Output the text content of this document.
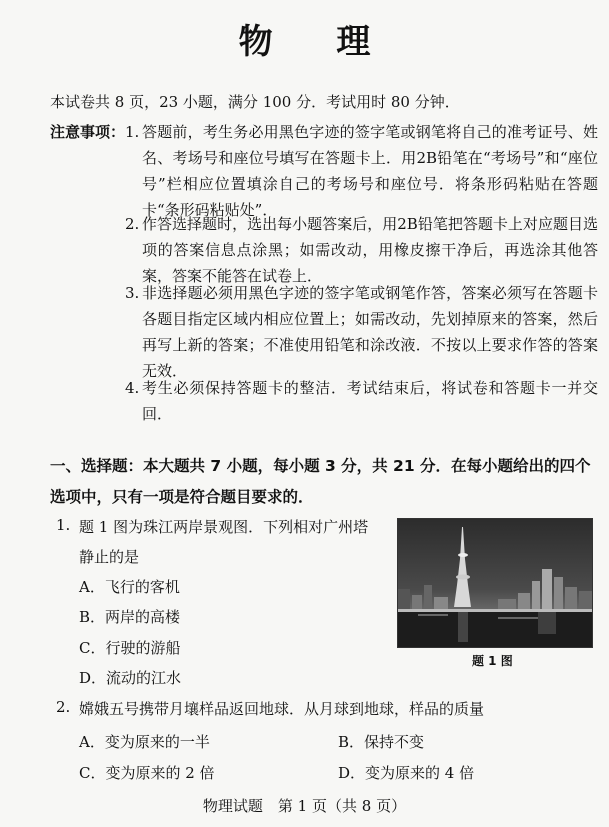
物 理
本试卷共 8 页，23 小题，满分 100 分．考试用时 80 分钟．
注意事项： 1. 答题前，考生务必用黑色字迹的签字笔或钢笔将自己的准考证号、姓名、考场号和座位号填写在答题卡上．用2B铅笔在“考场号”和“座位号”栏相应位置填涂自己的考场号和座位号．将条形码粘贴在答题卡“条形码粘贴处”．
2. 作答选择题时，选出每小题答案后，用2B铅笔把答题卡上对应题目选项的答案信息点涂黑；如需改动，用橡皮擦干净后，再选涂其他答案，答案不能答在试卷上．
3. 非选择题必须用黑色字迹的签字笔或钢笔作答，答案必须写在答题卡各题目指定区域内相应位置上；如需改动，先划掉原来的答案，然后再写上新的答案；不准使用铅笔和涂改液．不按以上要求作答的答案无效．
4. 考生必须保持答题卡的整洁．考试结束后，将试卷和答题卡一并交回．
一、选择题：本大题共 7 小题，每小题 3 分，共 21 分．在每小题给出的四个选项中，只有一项是符合题目要求的．
1. 题 1 图为珠江两岸景观图．下列相对广州塔
静止的是
A．飞行的客机
B．两岸的高楼
C．行驶的游船
D．流动的江水
题 1 图
2. 嫦娥五号携带月壤样品返回地球．从月球到地球，样品的质量
A．变为原来的一半	B．保持不变
C．变为原来的 2 倍	D．变为原来的 4 倍
物理试题　第 1 页（共 8 页）
